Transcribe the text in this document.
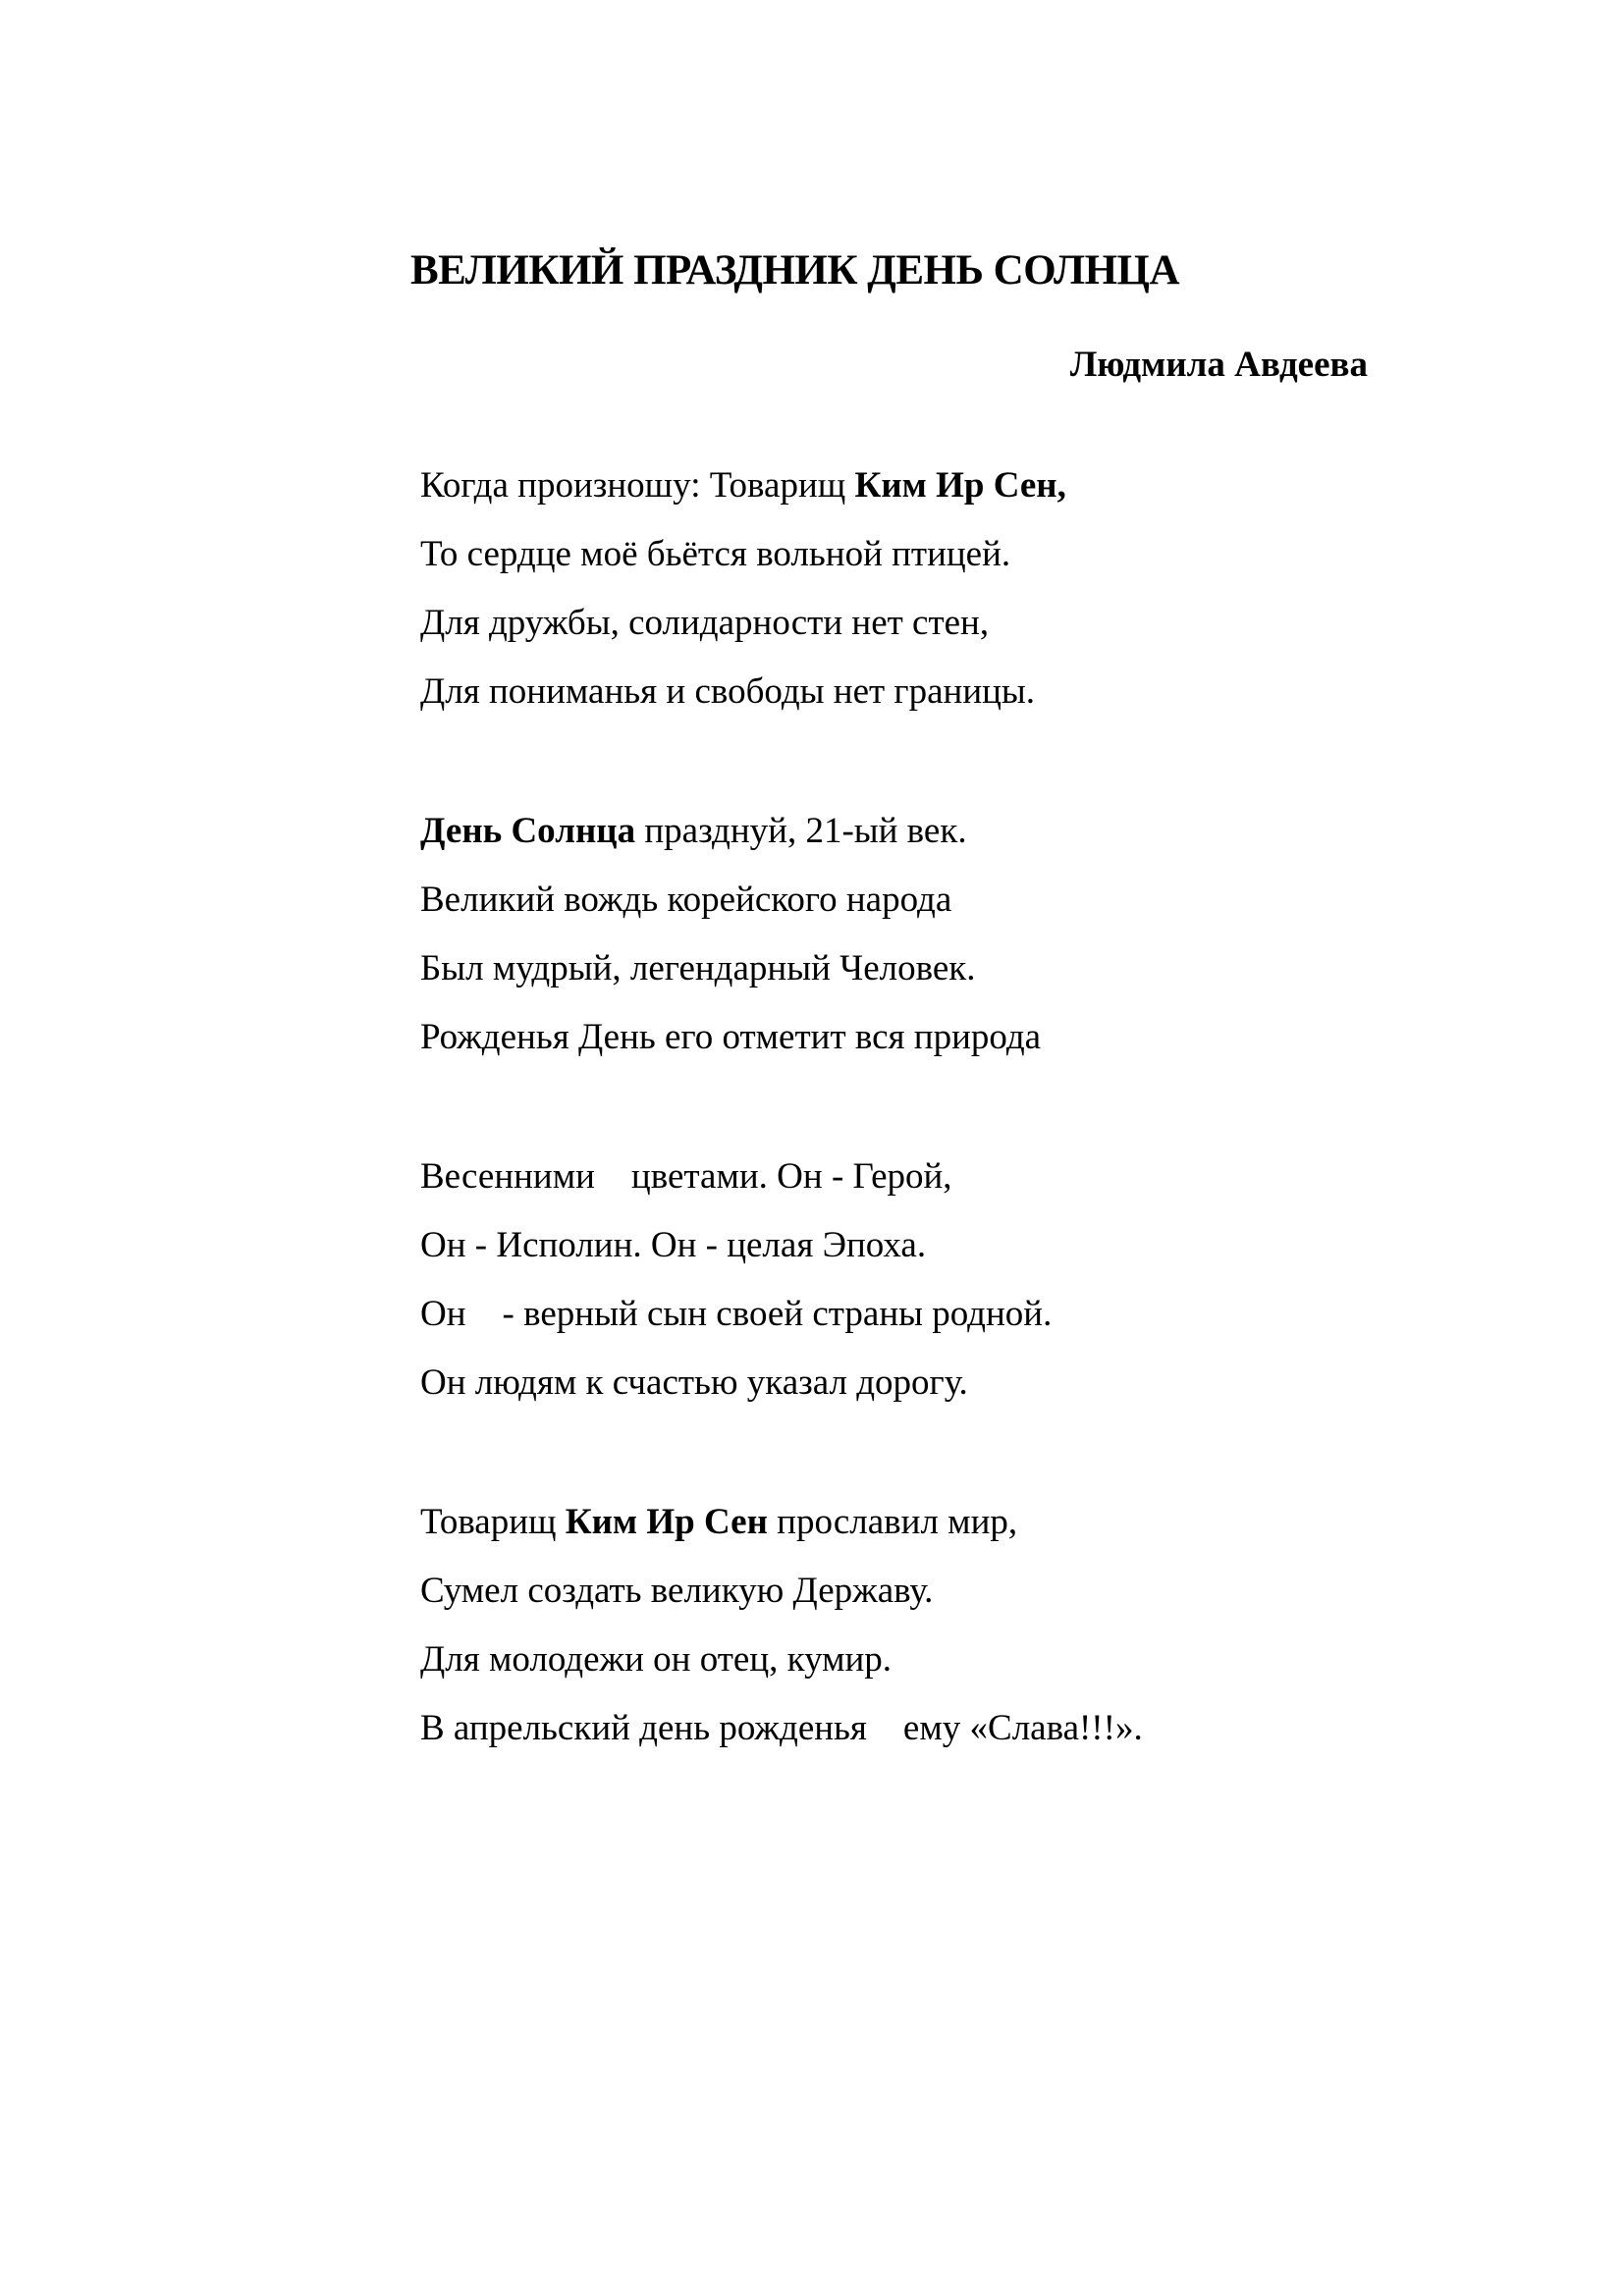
ВЕЛИКИЙ ПРАЗДНИК ДЕНЬ СОЛНЦА

Людмила Авдеева

Когда произношу: Товарищ Ким Ир Сен,
То сердце моё бьётся вольной птицей.
Для дружбы, солидарности нет стен,
Для пониманья и свободы нет границы.
День Солнца празднуй, 21-ый век.
Великий вождь корейского народа
Был мудрый, легендарный Человек.
Рожденья День его отметит вся природа
Весенними    цветами. Он - Герой,
Он - Исполин. Он - целая Эпоха.
Он    - верный сын своей страны родной.
Он людям к счастью указал дорогу.
Товарищ Ким Ир Сен прославил мир,
Сумел создать великую Державу.
Для молодежи он отец, кумир.
В апрельский день рожденья    ему «Слава!!!».
